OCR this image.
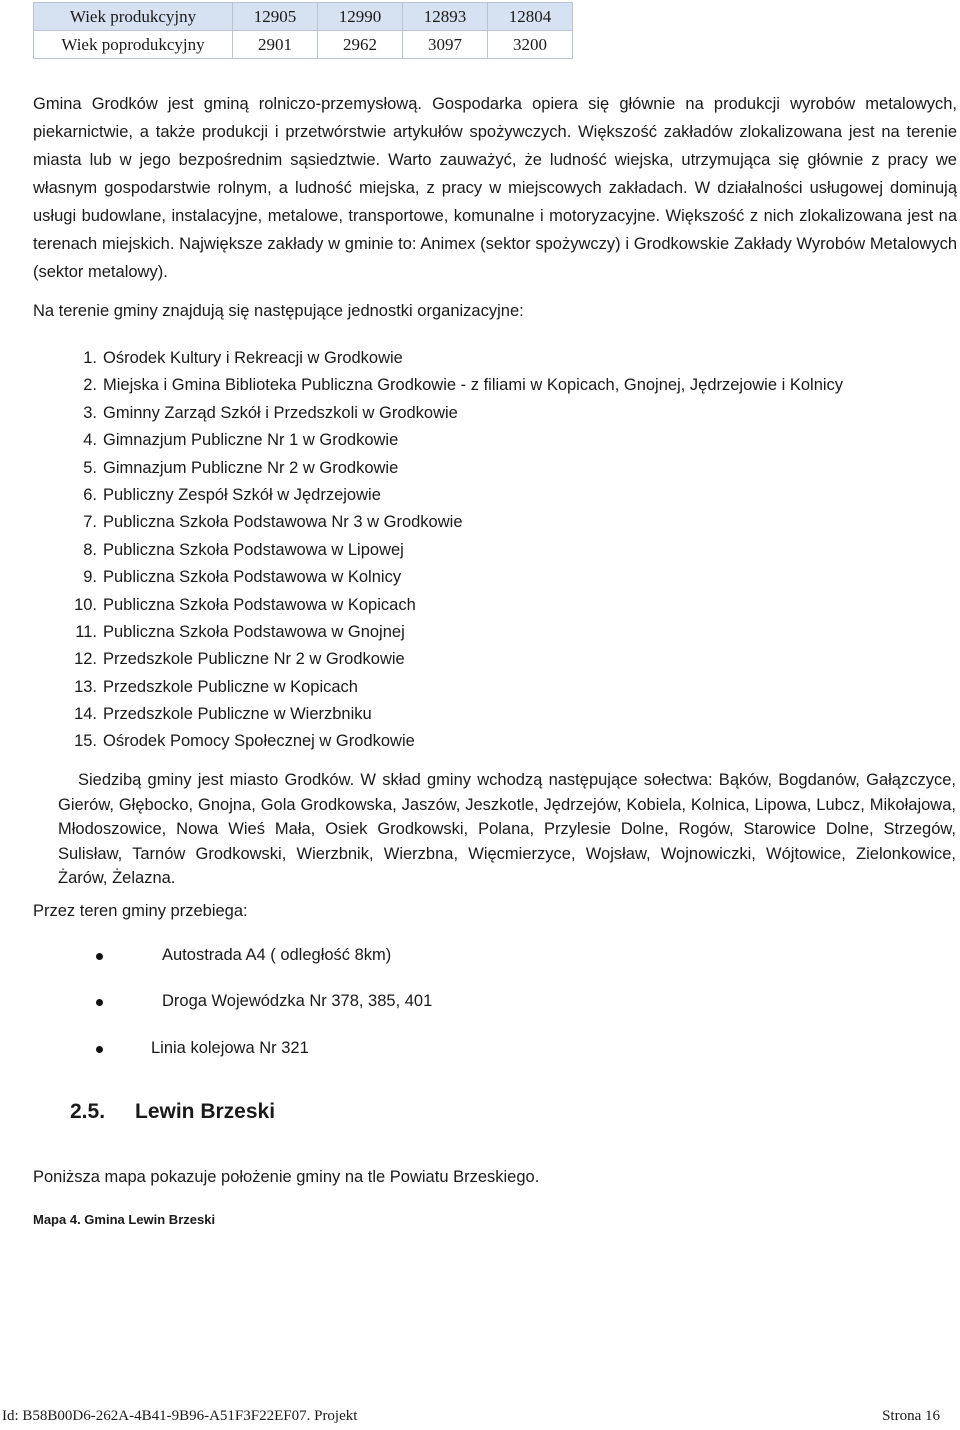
Wiek produkcyjny	12905	12990	12893	12804
Wiek poprodukcyjny	2901	2962	3097	3200

Gmina Grodków jest gminą rolniczo-przemysłową. Gospodarka opiera się głównie na produkcji wyrobów metalowych, piekarnictwie, a także produkcji i przetwórstwie artykułów spożywczych. Większość zakładów zlokalizowana jest na terenie miasta lub w jego bezpośrednim sąsiedztwie. Warto zauważyć, że ludność wiejska, utrzymująca się głównie z pracy we własnym gospodarstwie rolnym, a ludność miejska, z pracy w miejscowych zakładach. W działalności usługowej dominują usługi budowlane, instalacyjne, metalowe, transportowe, komunalne i motoryzacyjne. Większość z nich zlokalizowana jest na terenach miejskich. Największe zakłady w gminie to: Animex (sektor spożywczy) i Grodkowskie Zakłady Wyrobów Metalowych (sektor metalowy).

Na terenie gminy znajdują się następujące jednostki organizacyjne:
1. Ośrodek Kultury i Rekreacji w Grodkowie
2. Miejska i Gmina Biblioteka Publiczna Grodkowie - z filiami w Kopicach, Gnojnej, Jędrzejowie i Kolnicy
3. Gminny Zarząd Szkół i Przedszkoli w Grodkowie
4. Gimnazjum Publiczne Nr 1 w Grodkowie
5. Gimnazjum Publiczne Nr 2 w Grodkowie
6. Publiczny Zespół Szkół w Jędrzejowie
7. Publiczna Szkoła Podstawowa Nr 3 w Grodkowie
8. Publiczna Szkoła Podstawowa w Lipowej
9. Publiczna Szkoła Podstawowa w Kolnicy
10. Publiczna Szkoła Podstawowa w Kopicach
11. Publiczna Szkoła Podstawowa w Gnojnej
12. Przedszkole Publiczne Nr 2 w Grodkowie
13. Przedszkole Publiczne w Kopicach
14. Przedszkole Publiczne w Wierzbniku
15. Ośrodek Pomocy Społecznej w Grodkowie

Siedzibą gminy jest miasto Grodków. W skład gminy wchodzą następujące sołectwa: Bąków, Bogdanów, Gałązczyce, Gierów, Głębocko, Gnojna, Gola Grodkowska, Jaszów, Jeszkotle, Jędrzejów, Kobiela, Kolnica, Lipowa, Lubcz, Mikołajowa, Młodoszowice, Nowa Wieś Mała, Osiek Grodkowski, Polana, Przylesie Dolne, Rogów, Starowice Dolne, Strzegów, Sulisław, Tarnów Grodkowski, Wierzbnik, Wierzbna, Więcmierzyce, Wojsław, Wojnowiczki, Wójtowice, Zielonkowice, Żarów, Żelazna.

Przez teren gminy przebiega:
Autostrada A4 ( odległość 8km)
Droga Wojewódzka Nr 378, 385, 401
Linia kolejowa Nr 321
2.5. Lewin Brzeski
Poniższa mapa pokazuje położenie gminy na tle Powiatu Brzeskiego.
Mapa 4. Gmina Lewin Brzeski
Id: B58B00D6-262A-4B41-9B96-A51F3F22EF07. Projekt	Strona 16
